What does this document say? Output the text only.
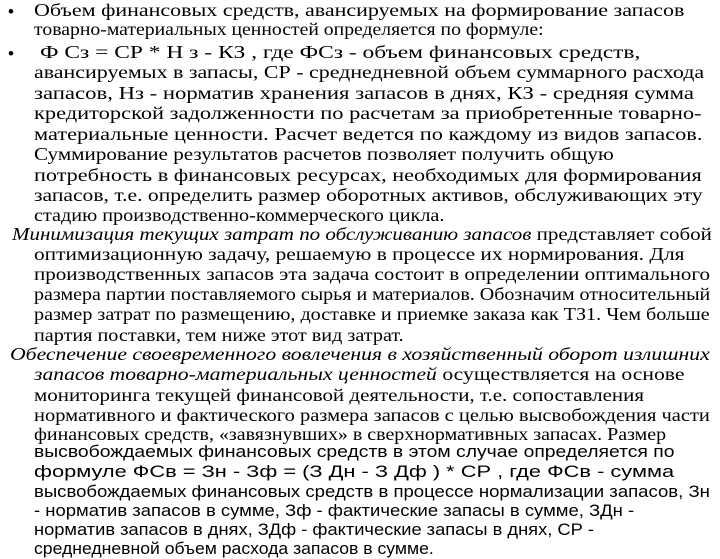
•
•
Объем финансовых средств, авансируемых на формирование запасов
товарно-материальных ценностей определяется по формуле:
Ф Сз = СР * Н з - КЗ , где ФСз - объем финансовых средств,
авансируемых в запасы, СР - среднедневной объем суммарного расхода
запасов, Нз - норматив хранения запасов в днях, КЗ - средняя сумма
кредиторской задолженности по расчетам за приобретенные товарно-
материальные ценности. Расчет ведется по каждому из видов запасов.
Суммирование результатов расчетов позволяет получить общую
потребность в финансовых ресурсах, необходимых для формирования
запасов, т.е. определить размер оборотных активов, обслуживающих эту
стадию производственно-коммерческого цикла.
Минимизация текущих затрат по обслуживанию запасов представляет собой
оптимизационную задачу, решаемую в процессе их нормирования. Для
производственных запасов эта задача состоит в определении оптимального
размера партии поставляемого сырья и материалов. Обозначим относительный
размер затрат по размещению, доставке и приемке заказа как ТЗ1. Чем больше
партия поставки, тем ниже этот вид затрат.
Обеспечение своевременного вовлечения в хозяйственный оборот излишних
запасов товарно-материальных ценностей осуществляется на основе
мониторинга текущей финансовой деятельности, т.е. сопоставления
нормативного и фактического размера запасов с целью высвобождения части
финансовых средств, «завязнувших» в сверхнормативных запасах. Размер
высвобождаемых финансовых средств в этом случае определяется по
формуле ФСв = Зн - Зф = (З Дн - З Дф ) * СР , где ФСв - сумма
высвобождаемых финансовых средств в процессе нормализации запасов, Зн
- норматив запасов в сумме, Зф - фактические запасы в сумме, ЗДн -
норматив запасов в днях, ЗДф - фактические запасы в днях, СР -
среднедневной объем расхода запасов в сумме.
